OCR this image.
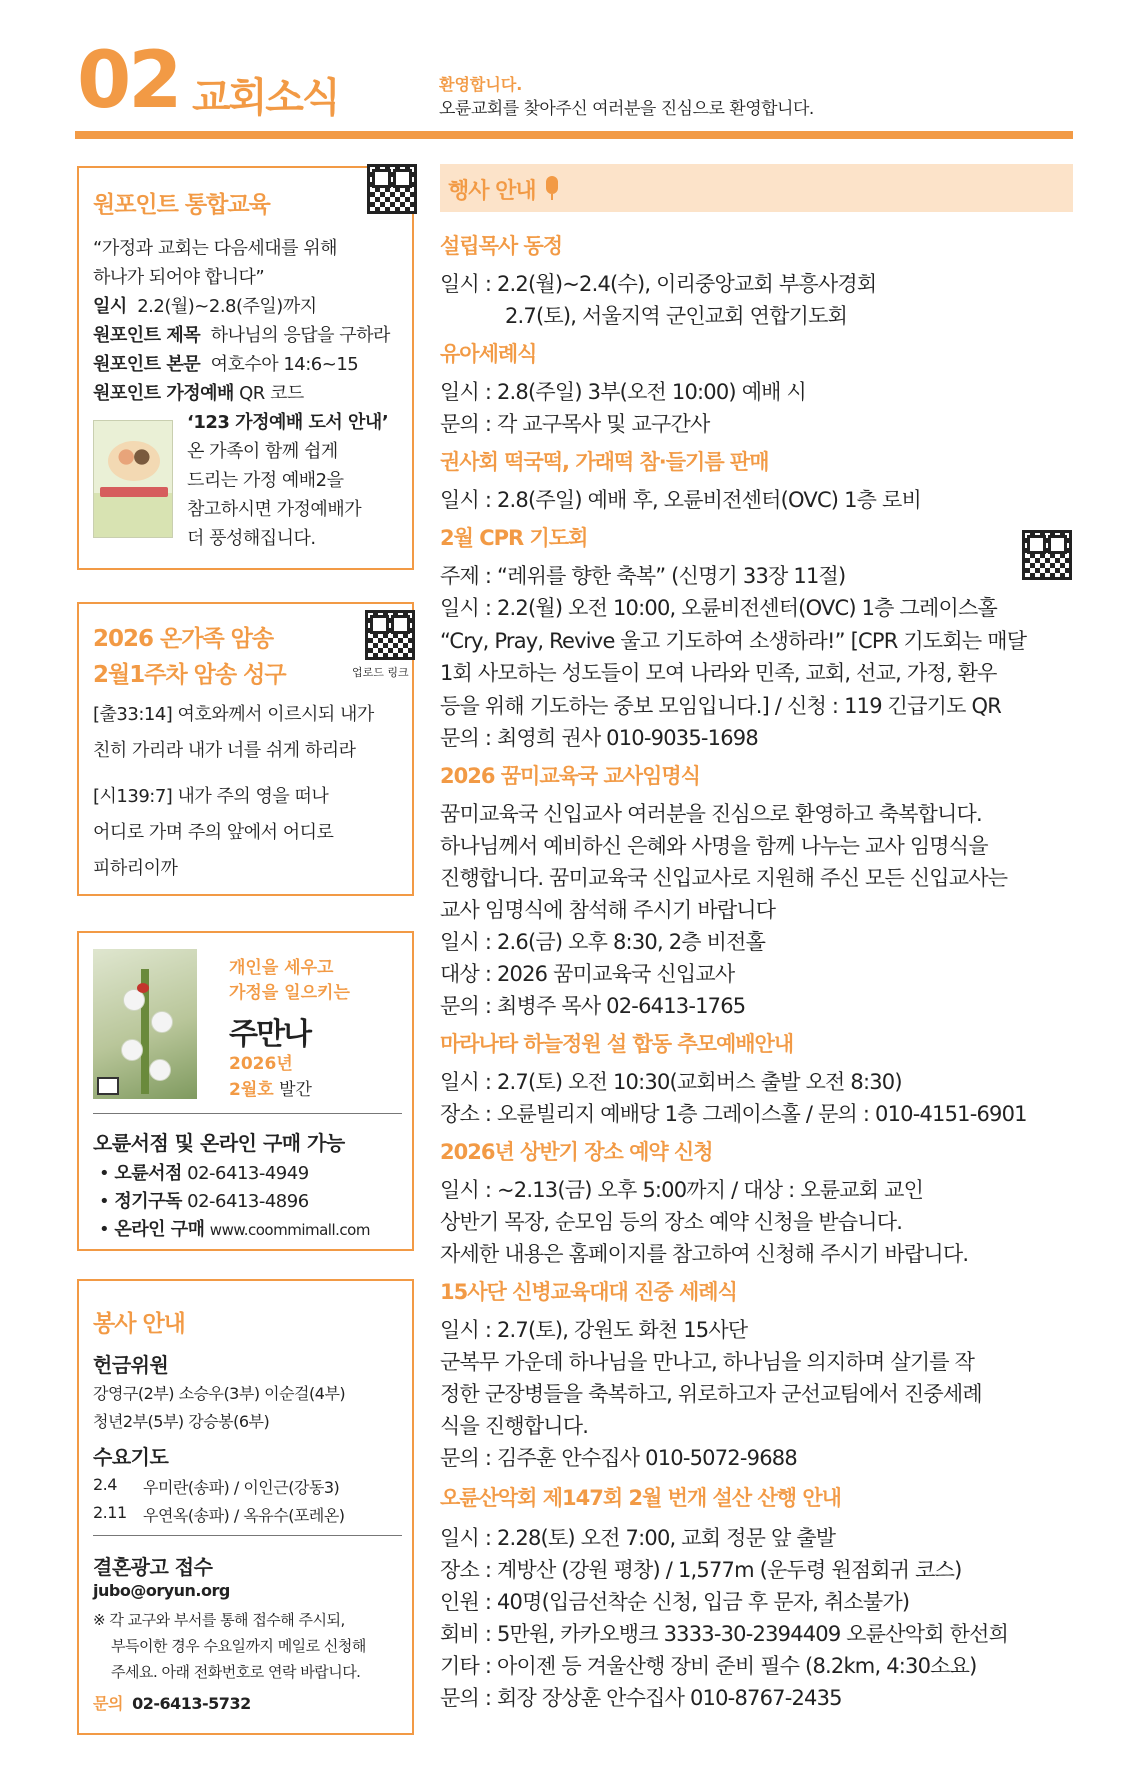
02 교회소식	환영합니다.
오륜교회를 찾아주신 여러분을 진심으로 환영합니다.
원포인트 통합교육
“가정과 교회는 다음세대를 위해
하나가 되어야 합니다”
일시 2.2(월)~2.8(주일)까지
원포인트 제목 하나님의 응답을 구하라
원포인트 본문 여호수아 14:6~15
원포인트 가정예배 QR 코드
‘123 가정예배 도서 안내’
온 가족이 함께 쉽게
드리는 가정 예배2을
참고하시면 가정예배가
더 풍성해집니다.
2026 온가족 암송
2월1주차 암송 성구	업로드 링크
[출33:14] 여호와께서 이르시되 내가
친히 가리라 내가 너를 쉬게 하리라
[시139:7] 내가 주의 영을 떠나
어디로 가며 주의 앞에서 어디로
피하리이까
개인을 세우고
가정을 일으키는
주만나
2026년
2월호 발간
오륜서점 및 온라인 구매 가능
• 오륜서점 02-6413-4949
• 정기구독 02-6413-4896
• 온라인 구매 www.coommimall.com
봉사 안내
헌금위원
강영구(2부) 소승우(3부) 이순걸(4부)
청년2부(5부) 강승봉(6부)
수요기도
2.4 우미란(송파) / 이인근(강동3)
2.11 우연옥(송파) / 옥유수(포레온)
결혼광고 접수
jubo@oryun.org
※ 각 교구와 부서를 통해 접수해 주시되,
부득이한 경우 수요일까지 메일로 신청해
주세요. 아래 전화번호로 연락 바랍니다.
문의 02-6413-5732
행사 안내
설립목사 동정
일시 : 2.2(월)~2.4(수), 이리중앙교회 부흥사경회
2.7(토), 서울지역 군인교회 연합기도회
유아세례식
일시 : 2.8(주일) 3부(오전 10:00) 예배 시
문의 : 각 교구목사 및 교구간사
권사회 떡국떡, 가래떡 참·들기름 판매
일시 : 2.8(주일) 예배 후, 오륜비전센터(OVC) 1층 로비
2월 CPR 기도회
주제 : “레위를 향한 축복” (신명기 33장 11절)
일시 : 2.2(월) 오전 10:00, 오륜비전센터(OVC) 1층 그레이스홀
“Cry, Pray, Revive 울고 기도하여 소생하라!” [CPR 기도회는 매달
1회 사모하는 성도들이 모여 나라와 민족, 교회, 선교, 가정, 환우
등을 위해 기도하는 중보 모임입니다.] / 신청 : 119 긴급기도 QR
문의 : 최영희 권사 010-9035-1698
2026 꿈미교육국 교사임명식
꿈미교육국 신입교사 여러분을 진심으로 환영하고 축복합니다.
하나님께서 예비하신 은혜와 사명을 함께 나누는 교사 임명식을
진행합니다. 꿈미교육국 신입교사로 지원해 주신 모든 신입교사는
교사 임명식에 참석해 주시기 바랍니다
일시 : 2.6(금) 오후 8:30, 2층 비전홀
대상 : 2026 꿈미교육국 신입교사
문의 : 최병주 목사 02-6413-1765
마라나타 하늘정원 설 합동 추모예배안내
일시 : 2.7(토) 오전 10:30(교회버스 출발 오전 8:30)
장소 : 오륜빌리지 예배당 1층 그레이스홀 / 문의 : 010-4151-6901
2026년 상반기 장소 예약 신청
일시 : ~2.13(금) 오후 5:00까지 / 대상 : 오륜교회 교인
상반기 목장, 순모임 등의 장소 예약 신청을 받습니다.
자세한 내용은 홈페이지를 참고하여 신청해 주시기 바랍니다.
15사단 신병교육대대 진중 세례식
일시 : 2.7(토), 강원도 화천 15사단
군복무 가운데 하나님을 만나고, 하나님을 의지하며 살기를 작
정한 군장병들을 축복하고, 위로하고자 군선교팀에서 진중세례
식을 진행합니다.
문의 : 김주훈 안수집사 010-5072-9688
오륜산악회 제147회 2월 번개 설산 산행 안내
일시 : 2.28(토) 오전 7:00, 교회 정문 앞 출발
장소 : 계방산 (강원 평창) / 1,577m (운두령 원점회귀 코스)
인원 : 40명(입금선착순 신청, 입금 후 문자, 취소불가)
회비 : 5만원, 카카오뱅크 3333-30-2394409 오륜산악회 한선희
기타 : 아이젠 등 겨울산행 장비 준비 필수 (8.2km, 4:30소요)
문의 : 회장 장상훈 안수집사 010-8767-2435
